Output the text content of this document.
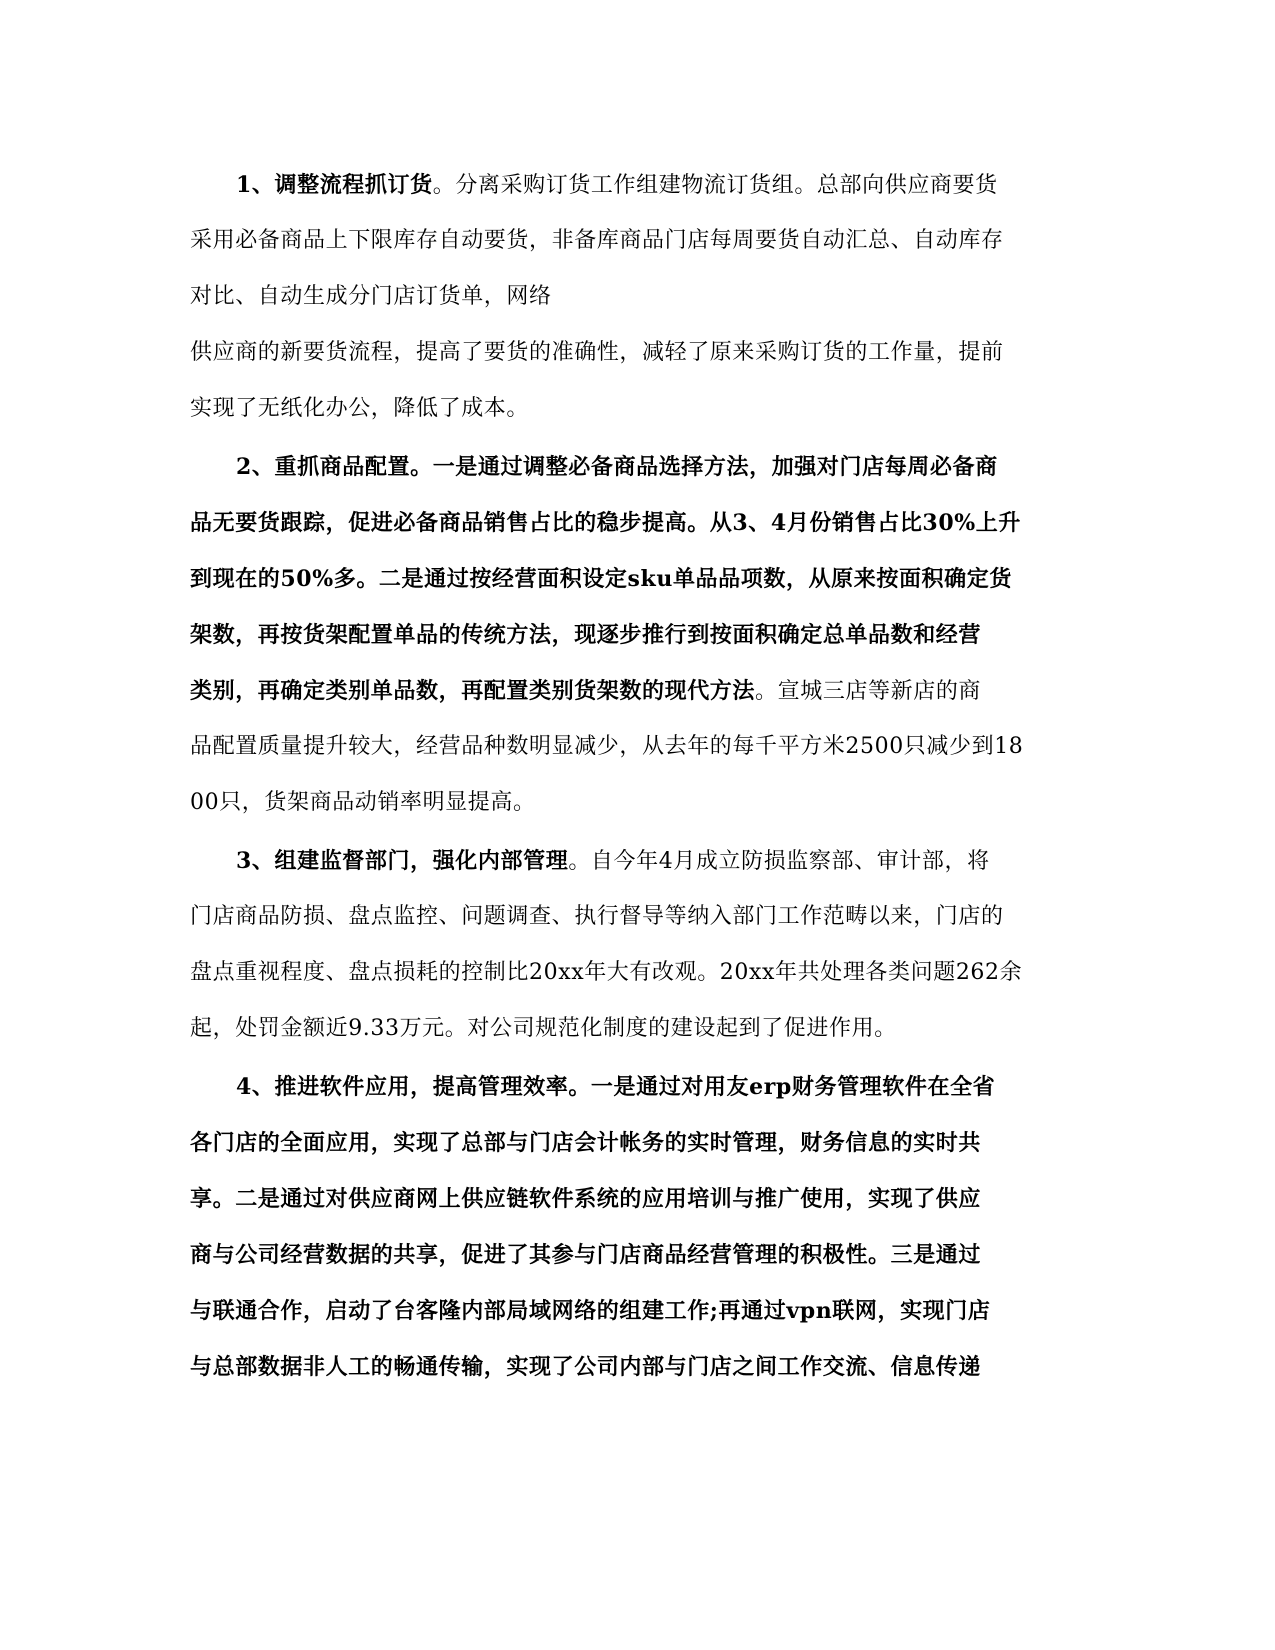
1、调整流程抓订货。分离采购订货工作组建物流订货组。总部向供应商要货
采用必备商品上下限库存自动要货，非备库商品门店每周要货自动汇总、自动库存
对比、自动生成分门店订货单，网络
供应商的新要货流程，提高了要货的准确性，减轻了原来采购订货的工作量，提前
实现了无纸化办公，降低了成本。
2、重抓商品配置。一是通过调整必备商品选择方法，加强对门店每周必备商
品无要货跟踪，促进必备商品销售占比的稳步提高。从3、4月份销售占比30%上升
到现在的50%多。二是通过按经营面积设定sku单品品项数，从原来按面积确定货
架数，再按货架配置单品的传统方法，现逐步推行到按面积确定总单品数和经营
类别，再确定类别单品数，再配置类别货架数的现代方法。宣城三店等新店的商
品配置质量提升较大，经营品种数明显减少，从去年的每千平方米2500只减少到18
00只，货架商品动销率明显提高。
3、组建监督部门，强化内部管理。自今年4月成立防损监察部、审计部，将
门店商品防损、盘点监控、问题调查、执行督导等纳入部门工作范畴以来，门店的
盘点重视程度、盘点损耗的控制比20xx年大有改观。20xx年共处理各类问题262余
起，处罚金额近9.33万元。对公司规范化制度的建设起到了促进作用。
4、推进软件应用，提高管理效率。一是通过对用友erp财务管理软件在全省
各门店的全面应用，实现了总部与门店会计帐务的实时管理，财务信息的实时共
享。二是通过对供应商网上供应链软件系统的应用培训与推广使用，实现了供应
商与公司经营数据的共享，促进了其参与门店商品经营管理的积极性。三是通过
与联通合作，启动了台客隆内部局域网络的组建工作;再通过vpn联网，实现门店
与总部数据非人工的畅通传输，实现了公司内部与门店之间工作交流、信息传递
